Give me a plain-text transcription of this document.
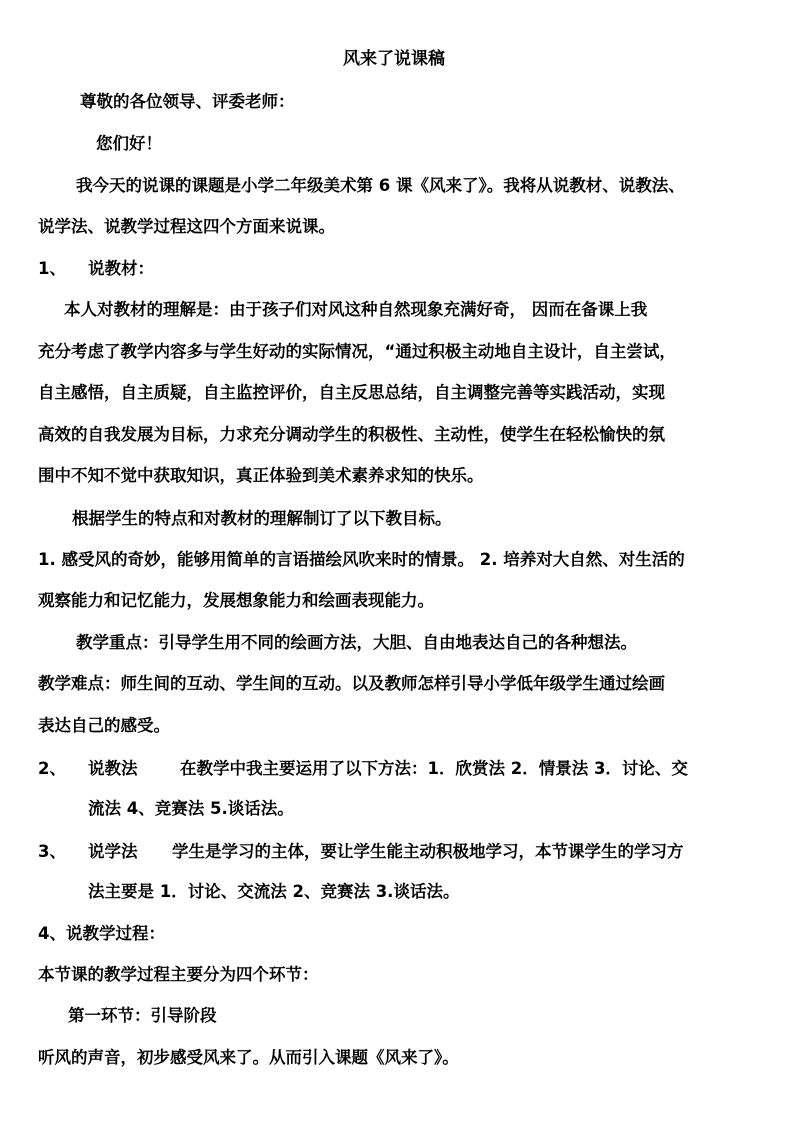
风来了说课稿
尊敬的各位领导、评委老师：
您们好！
我今天的说课的课题是小学二年级美术第 6 课《风来了》。我将从说教材、说教法、
说学法、说教学过程这四个方面来说课。
1、 说教材：
本人对教材的理解是：由于孩子们对风这种自然现象充满好奇， 因而在备课上我
充分考虑了教学内容多与学生好动的实际情况，“通过积极主动地自主设计，自主尝试，
自主感悟，自主质疑，自主监控评价，自主反思总结，自主调整完善等实践活动，实现
高效的自我发展为目标，力求充分调动学生的积极性、主动性，使学生在轻松愉快的氛
围中不知不觉中获取知识，真正体验到美术素养求知的快乐。
根据学生的特点和对教材的理解制订了以下教目标。
1. 感受风的奇妙，能够用简单的言语描绘风吹来时的情景。 2. 培养对大自然、对生活的
观察能力和记忆能力，发展想象能力和绘画表现能力。
教学重点：引导学生用不同的绘画方法，大胆、自由地表达自己的各种想法。
教学难点：师生间的互动、学生间的互动。以及教师怎样引导小学低年级学生通过绘画
表达自己的感受。
2、 说教法	在教学中我主要运用了以下方法：1．欣赏法 2．情景法 3．讨论、交
流法 4、竞赛法 5.谈话法。
3、 说学法 学生是学习的主体，要让学生能主动积极地学习，本节课学生的学习方
法主要是 1．讨论、交流法 2、竞赛法 3.谈话法。
4、说教学过程：
本节课的教学过程主要分为四个环节：
第一环节：引导阶段
听风的声音，初步感受风来了。从而引入课题《风来了》。
